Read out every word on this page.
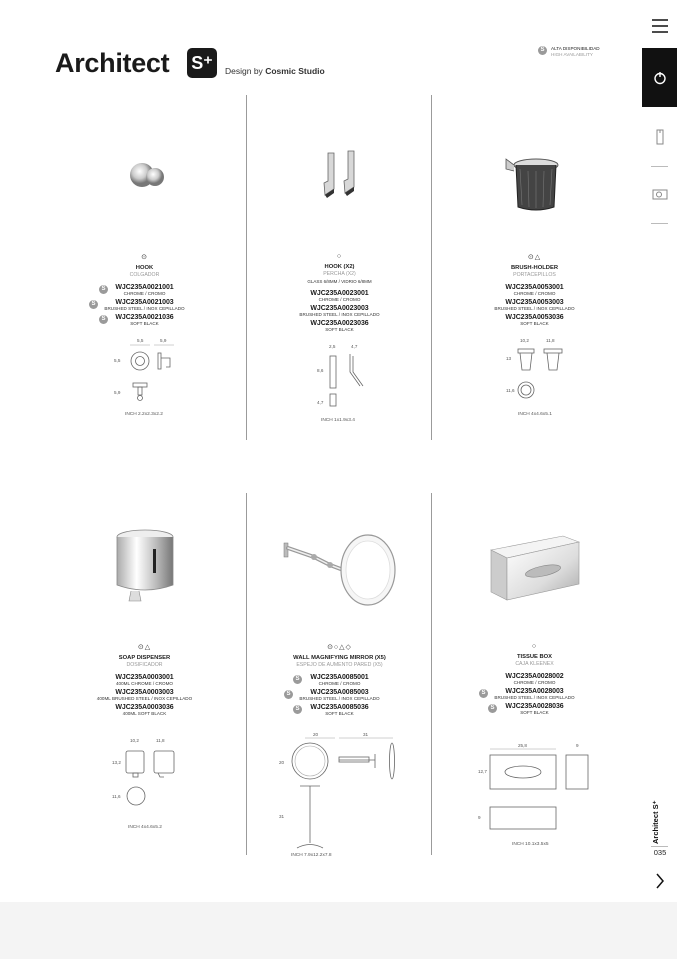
Architect S⁺	Design by Cosmic Studio
S	ALTA DISPONIBILIDAD
HIGH AVAILABILITY
⊙
HOOK
COLGADOR
S	WJC235A0021001
CHROME / CROMO
S	WJC235A0021003
BRUSHED STEEL / INOX CEPILLADO
S	WJC235A0021036
SOFT BLACK
5,5	5,9
5,5
5,9
INCH 2.2x2.3x2.2
○
HOOK (X2)
PERCHA (X2)
GLASS 6/8MM / VIDRIO 6/8MM
WJC235A0023001
CHROME / CROMO
WJC235A0023003
BRUSHED STEEL / INOX CEPILLADO
WJC235A0023036
SOFT BLACK
2,5	4,7
8,6
4,7
INCH 1x1.9x3.4
⊙△
BRUSH-HOLDER
PORTACEPILLOS
WJC235A0053001
CHROME / CROMO
WJC235A0053003
BRUSHED STEEL / INOX CEPILLADO
WJC235A0053036
SOFT BLACK
10,2	11,8
13
11,6
INCH 4x4.6x5.1
⊙△
SOAP DISPENSER
DOSIFICADOR
WJC235A0003001
400ML CHROME / CROMO
WJC235A0003003
400ML BRUSHED STEEL / INOX CEPILLADO
WJC235A0003036
400ML SOFT BLACK
10,2	11,8
13,2
11,6
INCH 4x4.6x5.2
⊙○△◇
WALL MAGNIFYING MIRROR (X5)
ESPEJO DE AUMENTO PARED (X5)
S	WJC235A0085001
CHROME / CROMO
S	WJC235A0085003
BRUSHED STEEL / INOX CEPILLADO
S	WJC235A0085036
SOFT BLACK
20	31
20
31
INCH 7.9x12.2x7.8
○
TISSUE BOX
CAJA KLEENEX
WJC235A0028002
CHROME / CROMO
S	WJC235A0028003
BRUSHED STEEL / INOX CEPILLADO
S	WJC235A0028036
SOFT BLACK
25,8	9
12,7
9
INCH 10.1x3.5x5
Architect S⁺
035
